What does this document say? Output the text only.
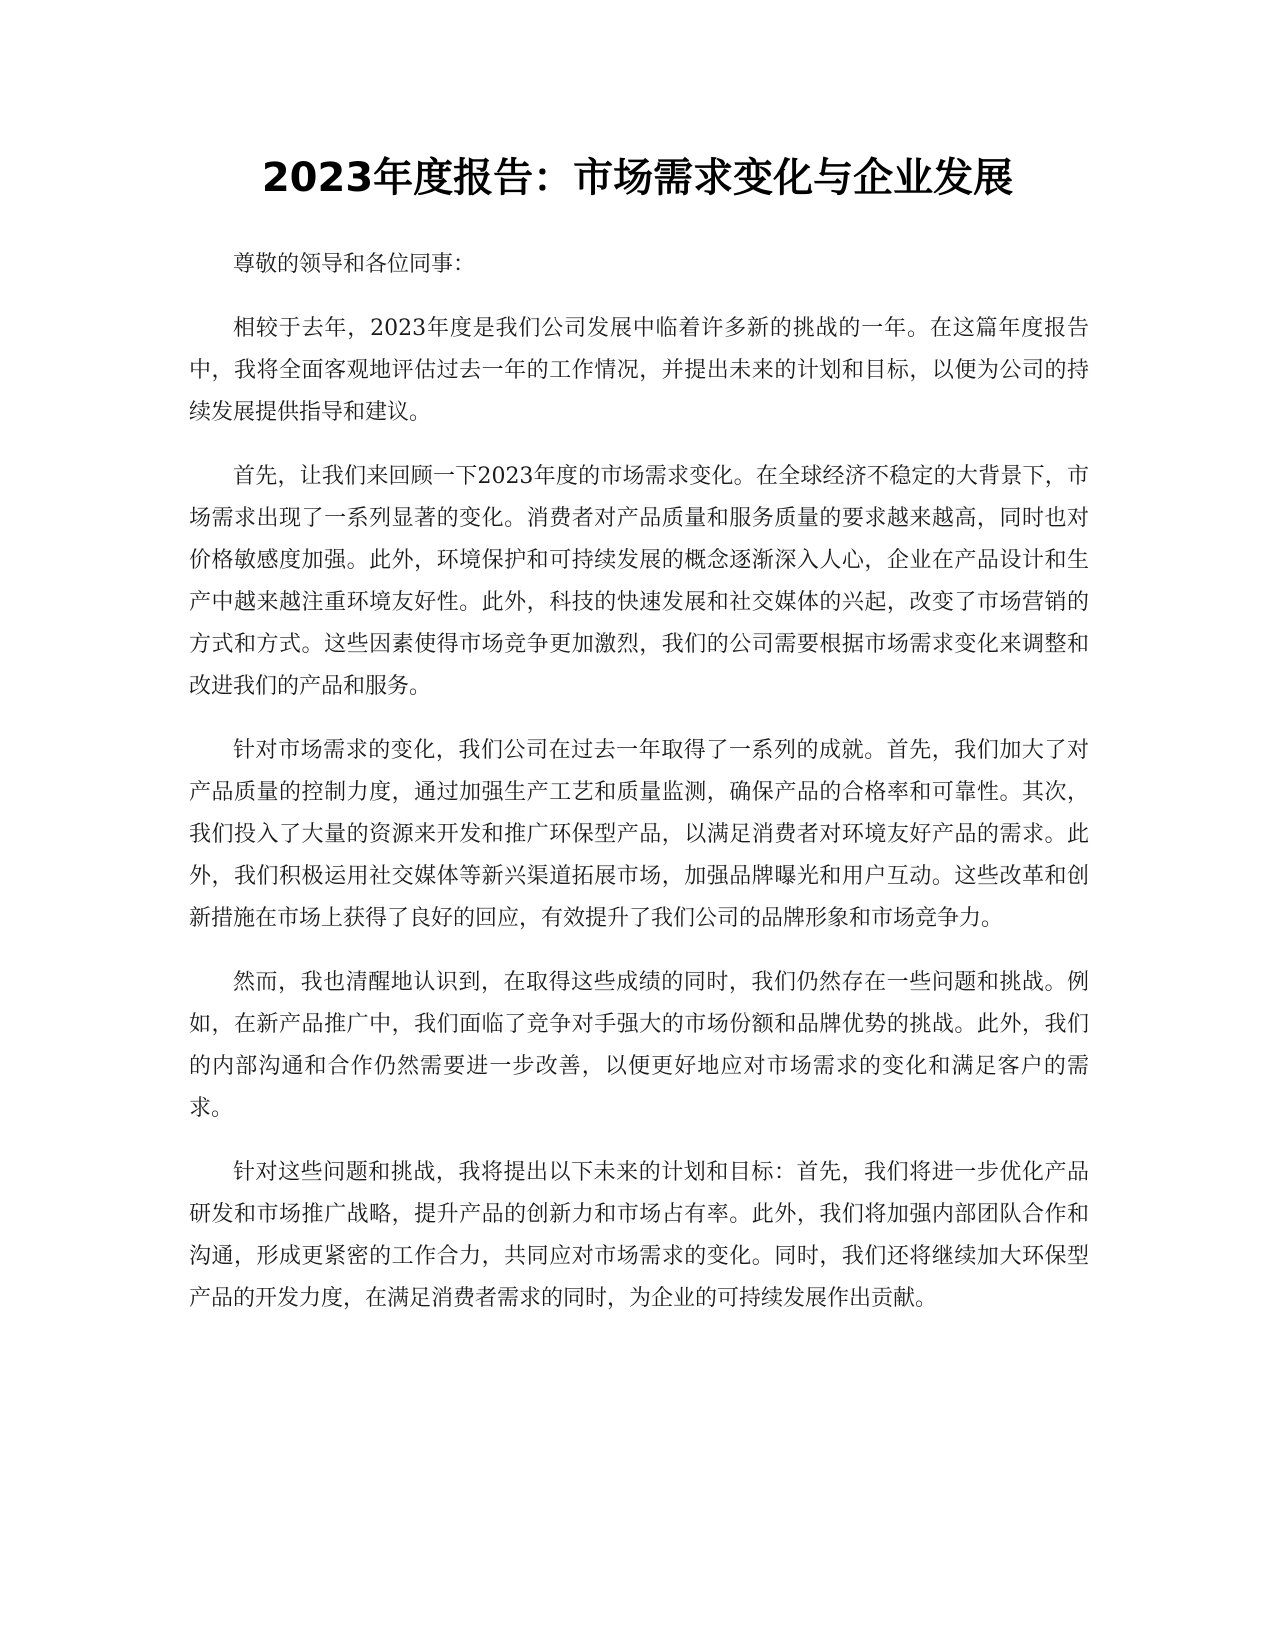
2023年度报告：市场需求变化与企业发展

尊敬的领导和各位同事：

相较于去年，2023年度是我们公司发展中临着许多新的挑战的一年。在这篇年度报告中，我将全面客观地评估过去一年的工作情况，并提出未来的计划和目标，以便为公司的持续发展提供指导和建议。

首先，让我们来回顾一下2023年度的市场需求变化。在全球经济不稳定的大背景下，市场需求出现了一系列显著的变化。消费者对产品质量和服务质量的要求越来越高，同时也对价格敏感度加强。此外，环境保护和可持续发展的概念逐渐深入人心，企业在产品设计和生产中越来越注重环境友好性。此外，科技的快速发展和社交媒体的兴起，改变了市场营销的方式和方式。这些因素使得市场竞争更加激烈，我们的公司需要根据市场需求变化来调整和改进我们的产品和服务。

针对市场需求的变化，我们公司在过去一年取得了一系列的成就。首先，我们加大了对产品质量的控制力度，通过加强生产工艺和质量监测，确保产品的合格率和可靠性。其次，我们投入了大量的资源来开发和推广环保型产品，以满足消费者对环境友好产品的需求。此外，我们积极运用社交媒体等新兴渠道拓展市场，加强品牌曝光和用户互动。这些改革和创新措施在市场上获得了良好的回应，有效提升了我们公司的品牌形象和市场竞争力。

然而，我也清醒地认识到，在取得这些成绩的同时，我们仍然存在一些问题和挑战。例如，在新产品推广中，我们面临了竞争对手强大的市场份额和品牌优势的挑战。此外，我们的内部沟通和合作仍然需要进一步改善，以便更好地应对市场需求的变化和满足客户的需求。

针对这些问题和挑战，我将提出以下未来的计划和目标：首先，我们将进一步优化产品研发和市场推广战略，提升产品的创新力和市场占有率。此外，我们将加强内部团队合作和沟通，形成更紧密的工作合力，共同应对市场需求的变化。同时，我们还将继续加大环保型产品的开发力度，在满足消费者需求的同时，为企业的可持续发展作出贡献。
